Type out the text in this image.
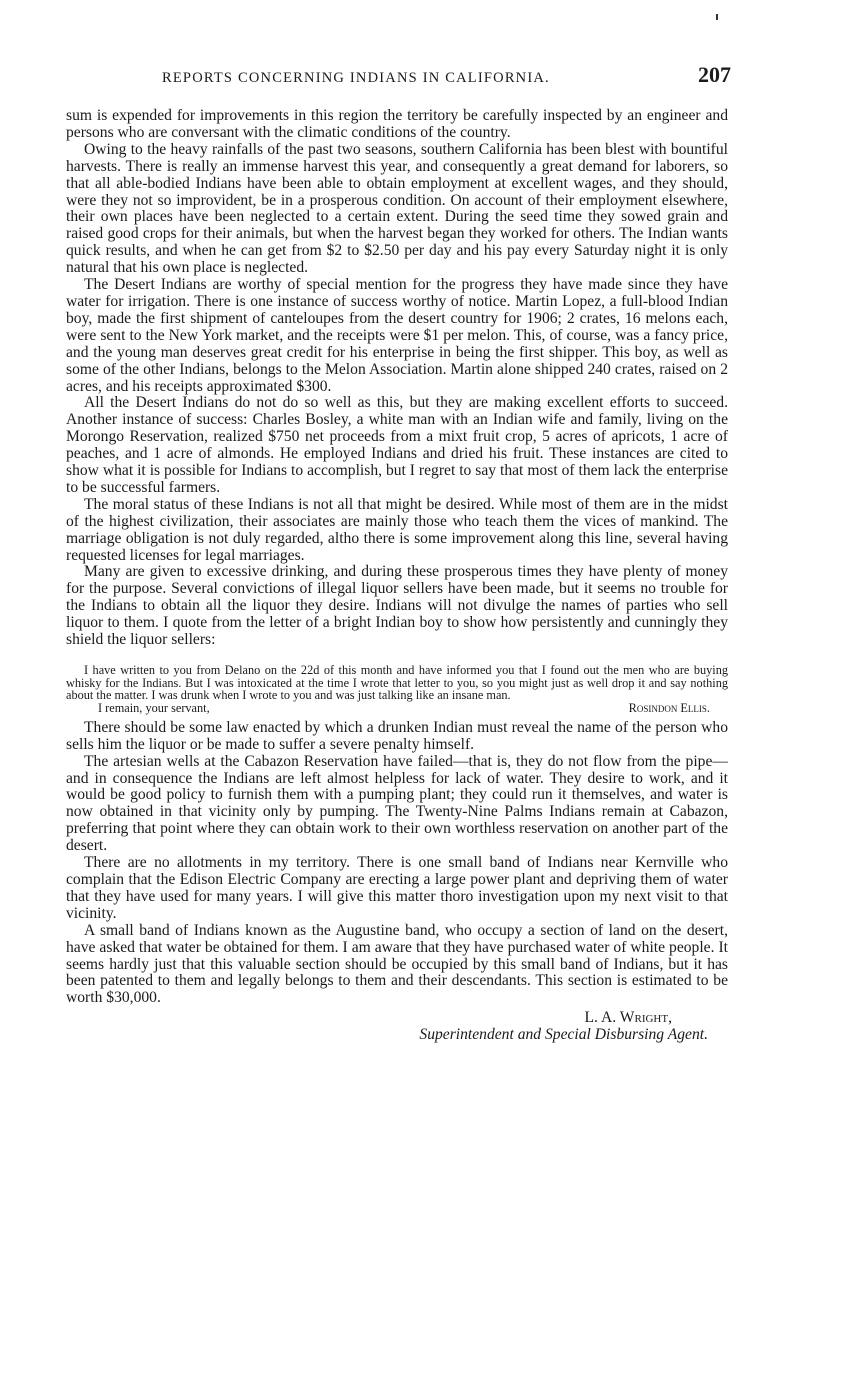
REPORTS CONCERNING INDIANS IN CALIFORNIA.	207

sum is expended for improvements in this region the territory be carefully inspected by an engineer and persons who are conversant with the climatic conditions of the country.

Owing to the heavy rainfalls of the past two seasons, southern California has been blest with bountiful harvests. There is really an immense harvest this year, and consequently a great demand for laborers, so that all able-bodied Indians have been able to obtain employment at excellent wages, and they should, were they not so improvident, be in a prosperous condition. On account of their employment elsewhere, their own places have been neglected to a certain extent. During the seed time they sowed grain and raised good crops for their animals, but when the harvest began they worked for others. The Indian wants quick results, and when he can get from $2 to $2.50 per day and his pay every Saturday night it is only natural that his own place is neglected.

The Desert Indians are worthy of special mention for the progress they have made since they have water for irrigation. There is one instance of success worthy of notice. Martin Lopez, a full-blood Indian boy, made the first shipment of canteloupes from the desert country for 1906; 2 crates, 16 melons each, were sent to the New York market, and the receipts were $1 per melon. This, of course, was a fancy price, and the young man deserves great credit for his enterprise in being the first shipper. This boy, as well as some of the other Indians, belongs to the Melon Association. Martin alone shipped 240 crates, raised on 2 acres, and his receipts approximated $300.

All the Desert Indians do not do so well as this, but they are making excellent efforts to succeed. Another instance of success: Charles Bosley, a white man with an Indian wife and family, living on the Morongo Reservation, realized $750 net proceeds from a mixt fruit crop, 5 acres of apricots, 1 acre of peaches, and 1 acre of almonds. He employed Indians and dried his fruit. These instances are cited to show what it is possible for Indians to accomplish, but I regret to say that most of them lack the enterprise to be successful farmers.

The moral status of these Indians is not all that might be desired. While most of them are in the midst of the highest civilization, their associates are mainly those who teach them the vices of mankind. The marriage obligation is not duly regarded, altho there is some improvement along this line, several having requested licenses for legal marriages.

Many are given to excessive drinking, and during these prosperous times they have plenty of money for the purpose. Several convictions of illegal liquor sellers have been made, but it seems no trouble for the Indians to obtain all the liquor they desire. Indians will not divulge the names of parties who sell liquor to them. I quote from the letter of a bright Indian boy to show how persistently and cunningly they shield the liquor sellers:

I have written to you from Delano on the 22d of this month and have informed you that I found out the men who are buying whisky for the Indians. But I was intoxicated at the time I wrote that letter to you, so you might just as well drop it and say nothing about the matter. I was drunk when I wrote to you and was just talking like an insane man.

I remain, your servant,	Rosindon Ellis.

There should be some law enacted by which a drunken Indian must reveal the name of the person who sells him the liquor or be made to suffer a severe penalty himself.

The artesian wells at the Cabazon Reservation have failed—that is, they do not flow from the pipe—and in consequence the Indians are left almost helpless for lack of water. They desire to work, and it would be good policy to furnish them with a pumping plant; they could run it themselves, and water is now obtained in that vicinity only by pumping. The Twenty-Nine Palms Indians remain at Cabazon, preferring that point where they can obtain work to their own worthless reservation on another part of the desert.

There are no allotments in my territory. There is one small band of Indians near Kernville who complain that the Edison Electric Company are erecting a large power plant and depriving them of water that they have used for many years. I will give this matter thoro investigation upon my next visit to that vicinity.

A small band of Indians known as the Augustine band, who occupy a section of land on the desert, have asked that water be obtained for them. I am aware that they have purchased water of white people. It seems hardly just that this valuable section should be occupied by this small band of Indians, but it has been patented to them and legally belongs to them and their descendants. This section is estimated to be worth $30,000.

L. A. Wright,
Superintendent and Special Disbursing Agent.
